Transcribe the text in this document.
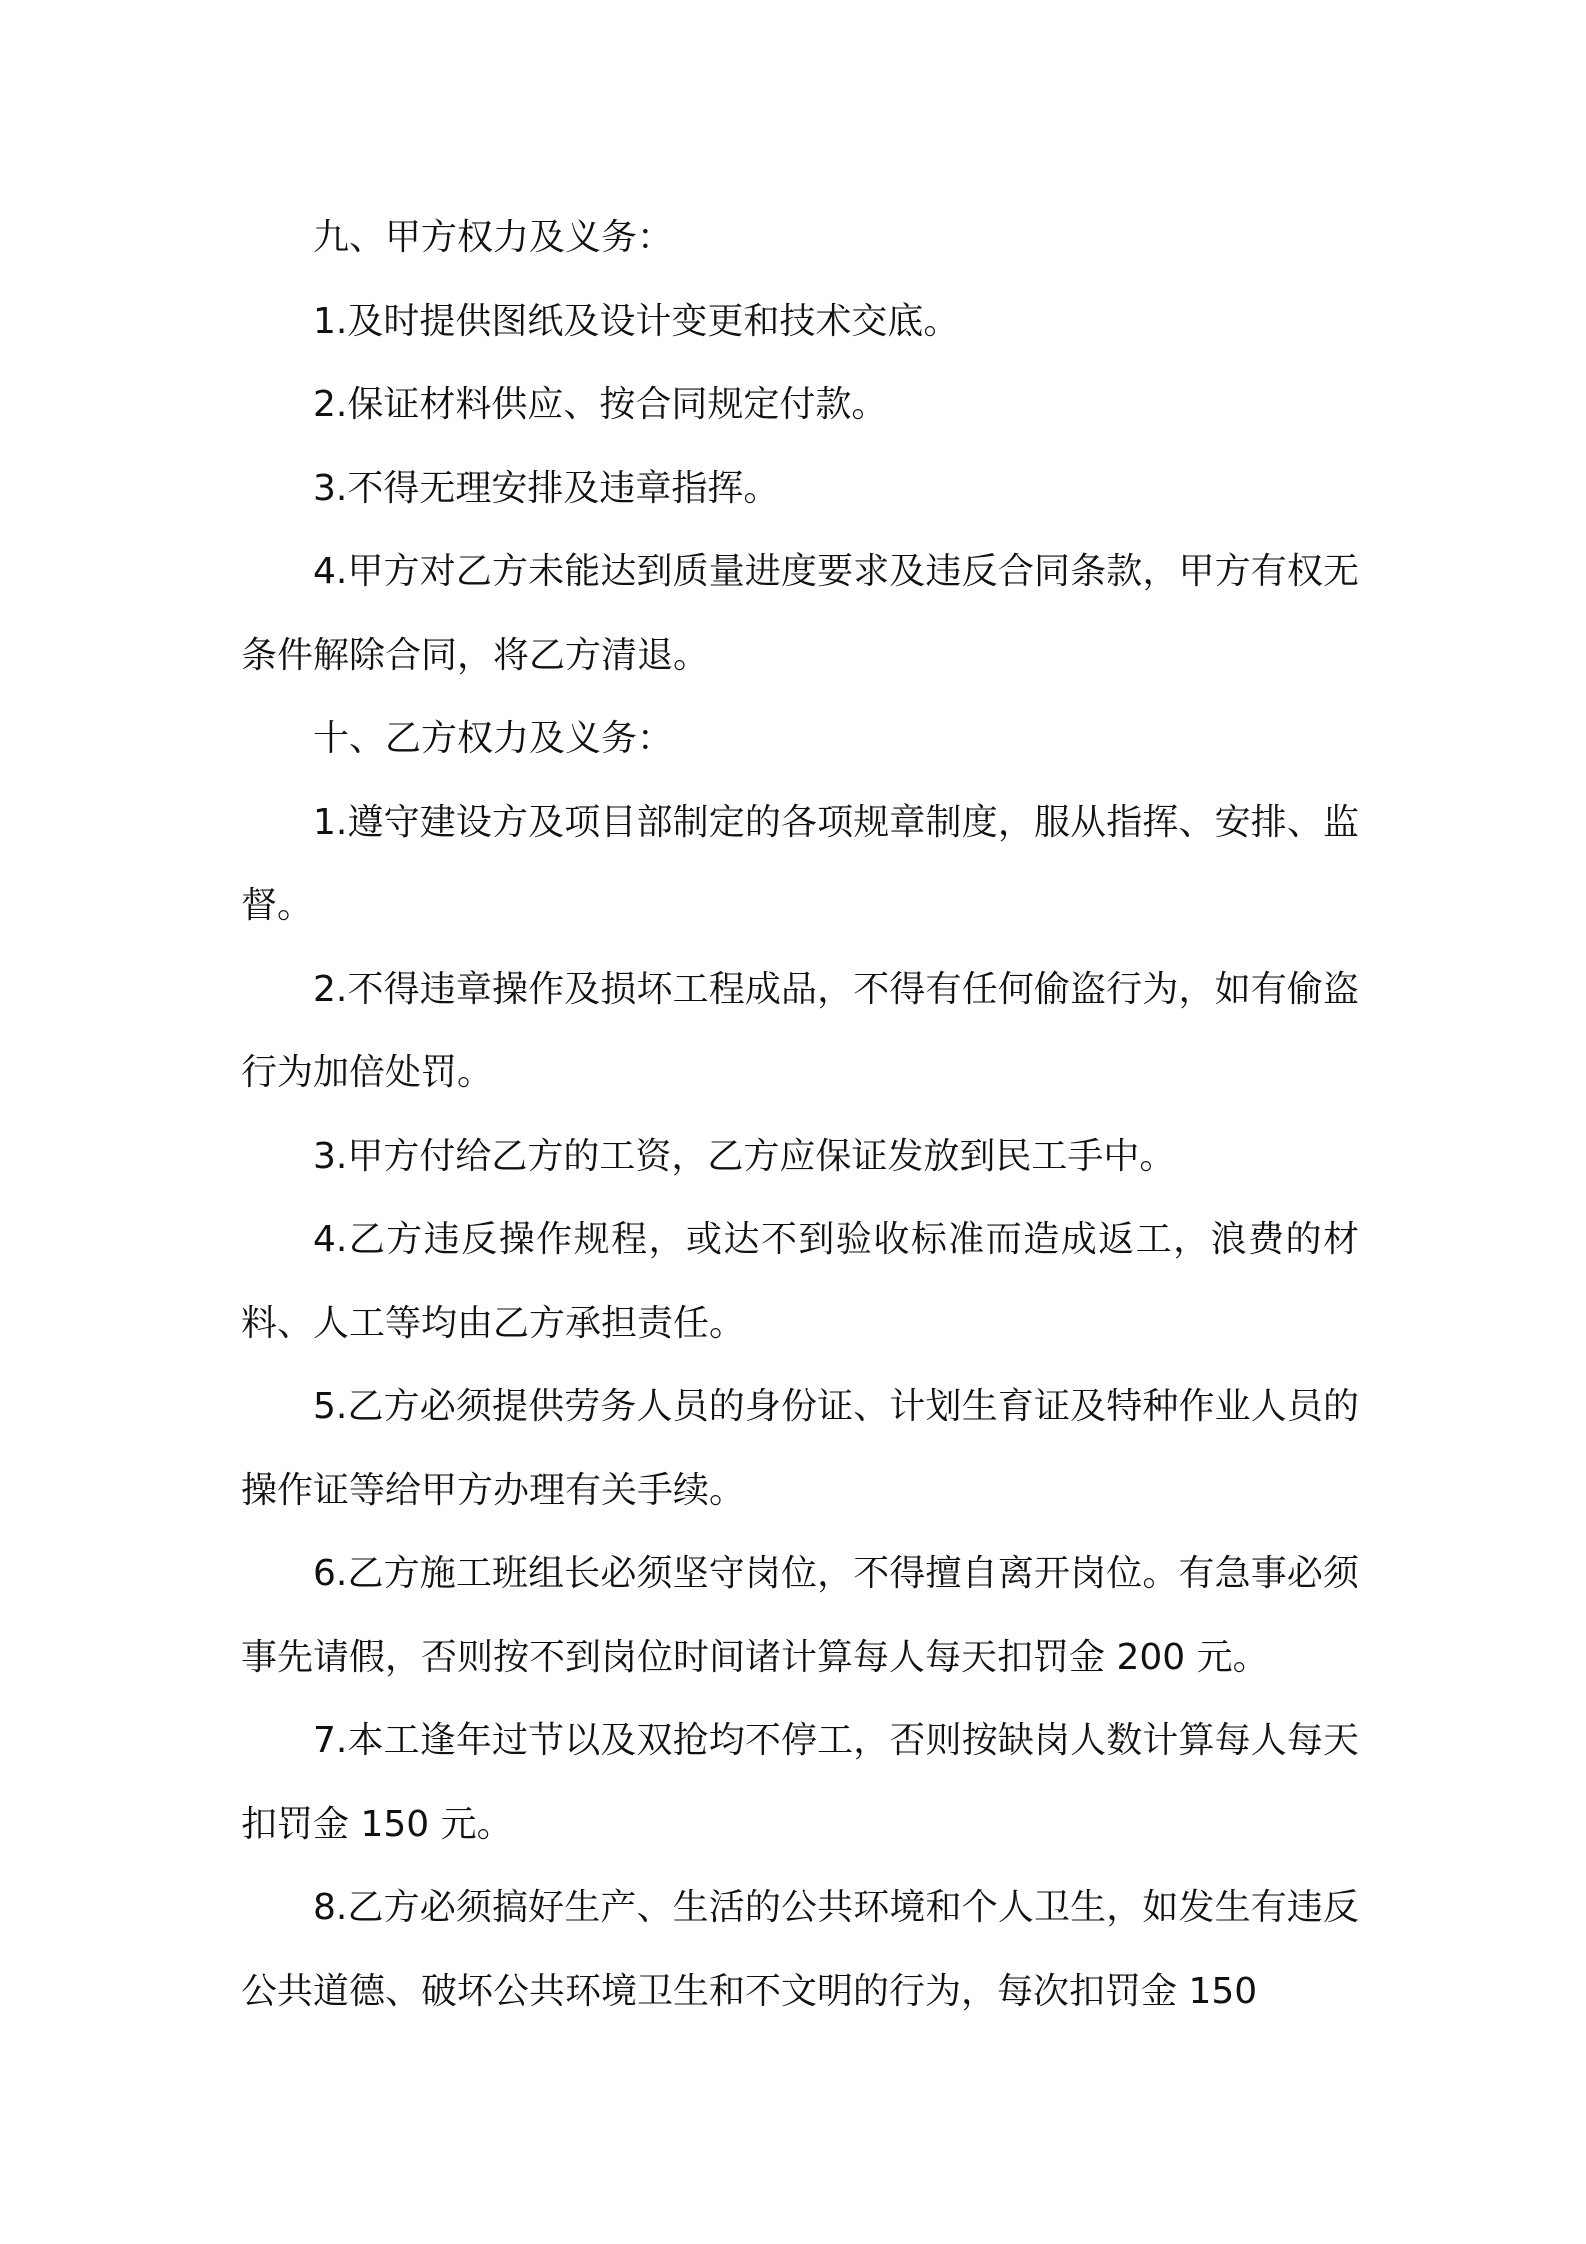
九、甲方权力及义务：

1.及时提供图纸及设计变更和技术交底。

2.保证材料供应、按合同规定付款。

3.不得无理安排及违章指挥。

4.甲方对乙方未能达到质量进度要求及违反合同条款，甲方有权无条件解除合同，将乙方清退。

十、乙方权力及义务：

1.遵守建设方及项目部制定的各项规章制度，服从指挥、安排、监督。

2.不得违章操作及损坏工程成品，不得有任何偷盗行为，如有偷盗行为加倍处罚。

3.甲方付给乙方的工资，乙方应保证发放到民工手中。

4.乙方违反操作规程，或达不到验收标准而造成返工，浪费的材料、人工等均由乙方承担责任。

5.乙方必须提供劳务人员的身份证、计划生育证及特种作业人员的操作证等给甲方办理有关手续。

6.乙方施工班组长必须坚守岗位，不得擅自离开岗位。有急事必须事先请假，否则按不到岗位时间诸计算每人每天扣罚金 200 元。

7.本工逢年过节以及双抢均不停工，否则按缺岗人数计算每人每天扣罚金 150 元。

8.乙方必须搞好生产、生活的公共环境和个人卫生，如发生有违反公共道德、破坏公共环境卫生和不文明的行为，每次扣罚金 150
